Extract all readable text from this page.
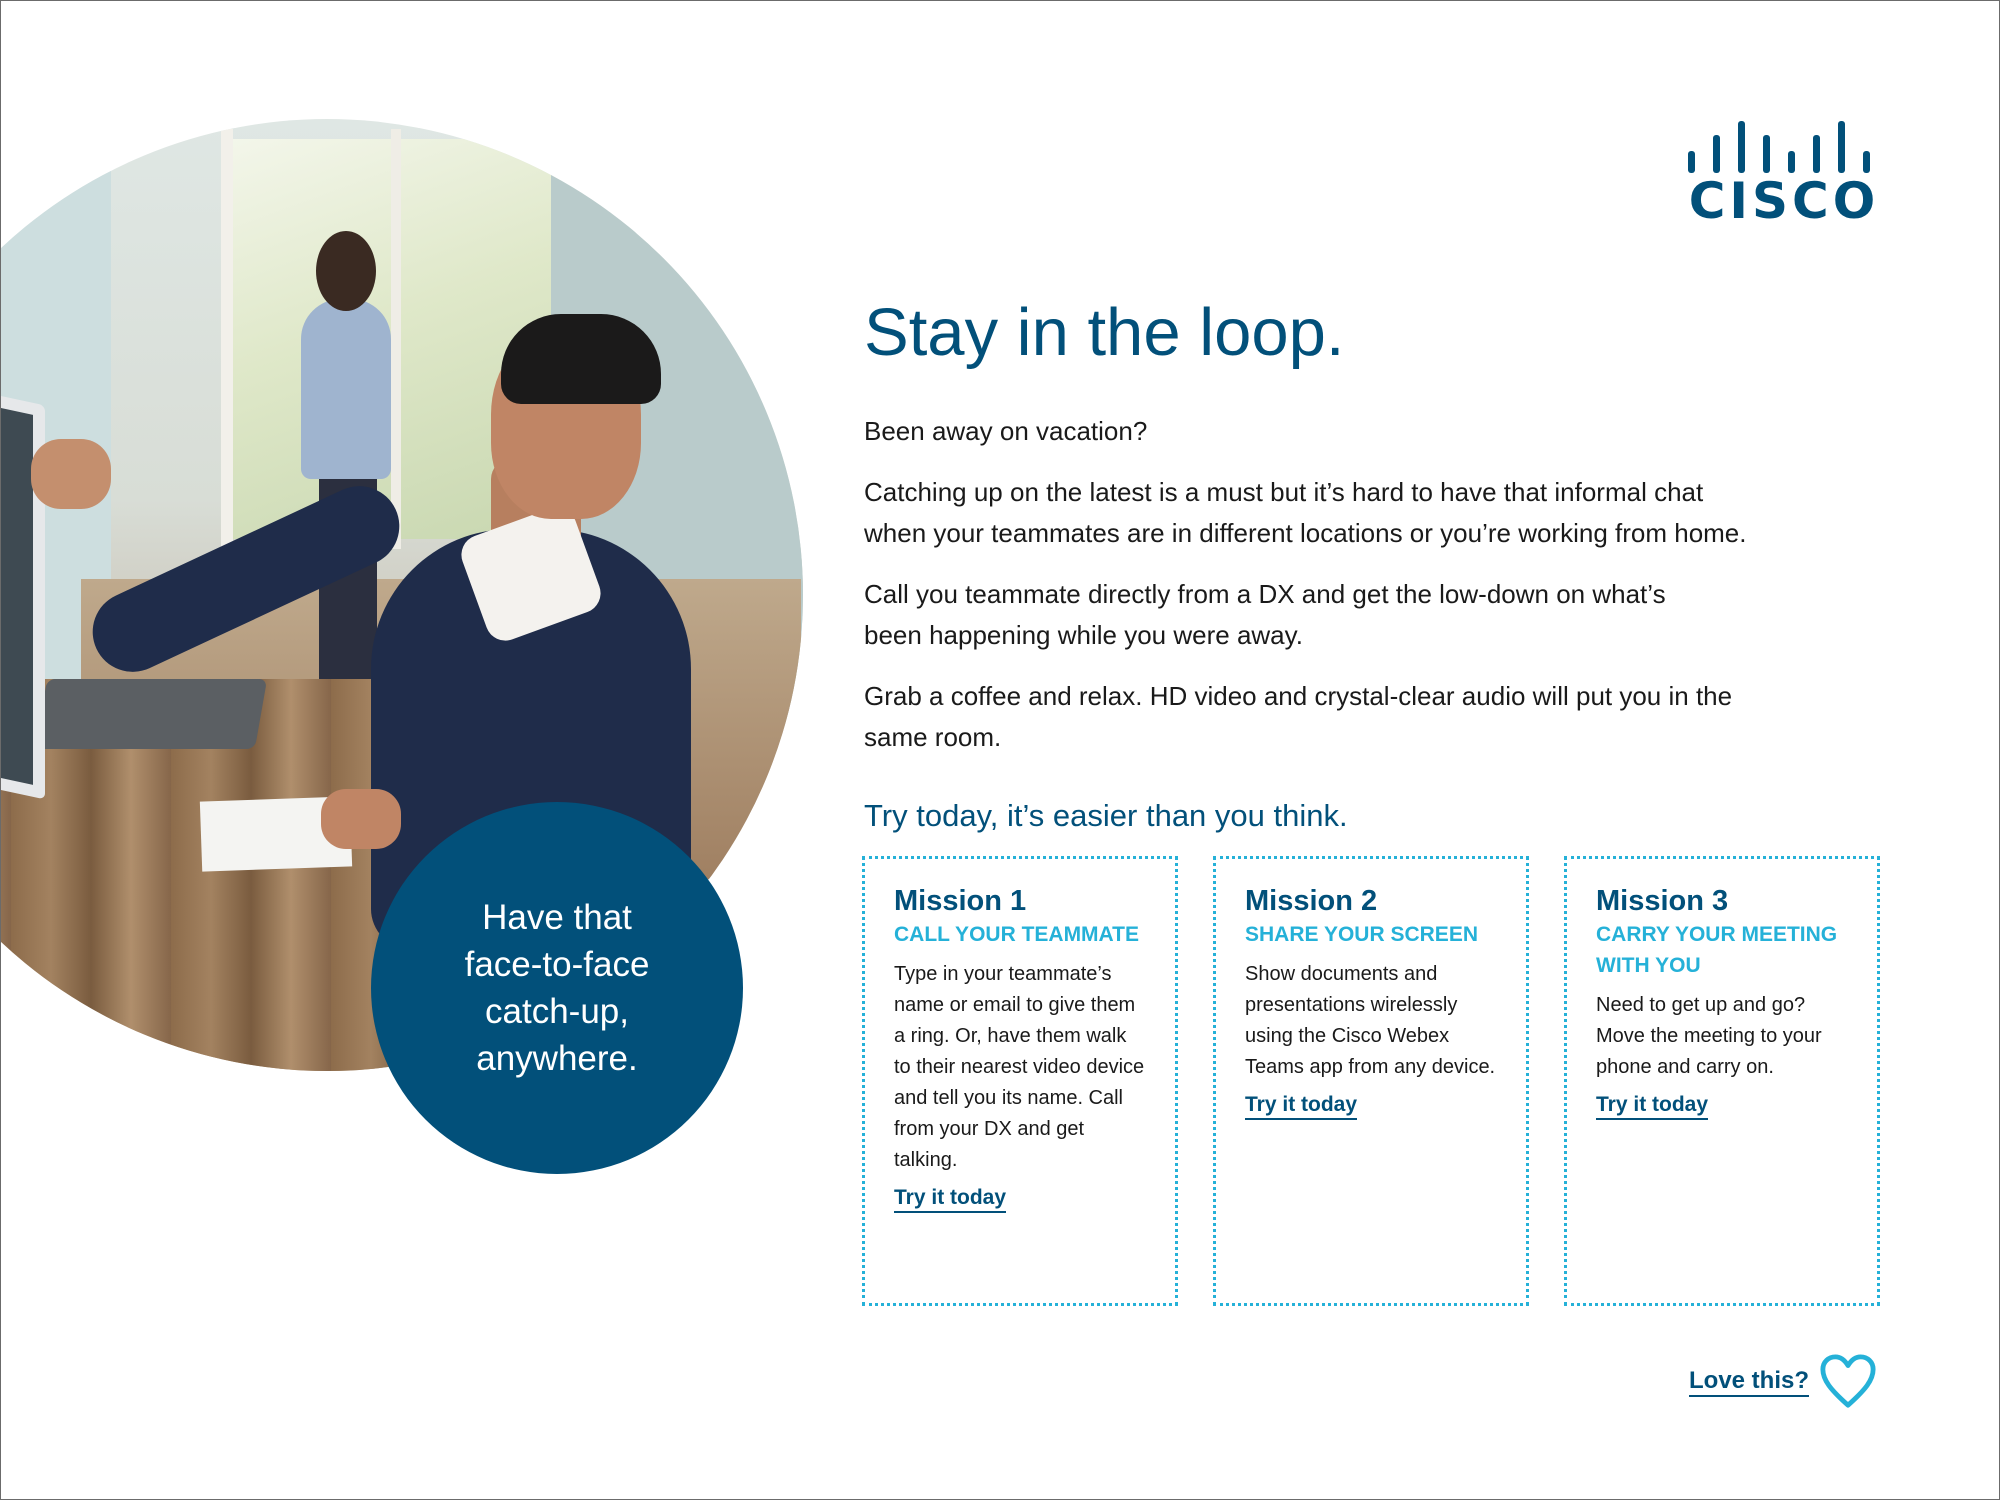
Have that
face-to-face
catch-up,
anywhere.
CISCO
Stay in the loop.

Been away on vacation?

Catching up on the latest is a must but it’s hard to have that informal chat
when your teammates are in different locations or you’re working from home.

Call you teammate directly from a DX and get the low-down on what’s
been happening while you were away.

Grab a coffee and relax. HD video and crystal-clear audio will put you in the
same room.

Try today, it’s easier than you think.

Mission 1

CALL YOUR TEAMMATE

Type in your teammate’s name or email to give them a ring. Or, have them walk to their nearest video device and tell you its name. Call from your DX and get talking.

Try it today

Mission 2

SHARE YOUR SCREEN

Show documents and presentations wirelessly using the Cisco Webex Teams app from any device.

Try it today

Mission 3

CARRY YOUR MEETING WITH YOU

Need to get up and go? Move the meeting to your phone and carry on.

Try it today
Love this?
